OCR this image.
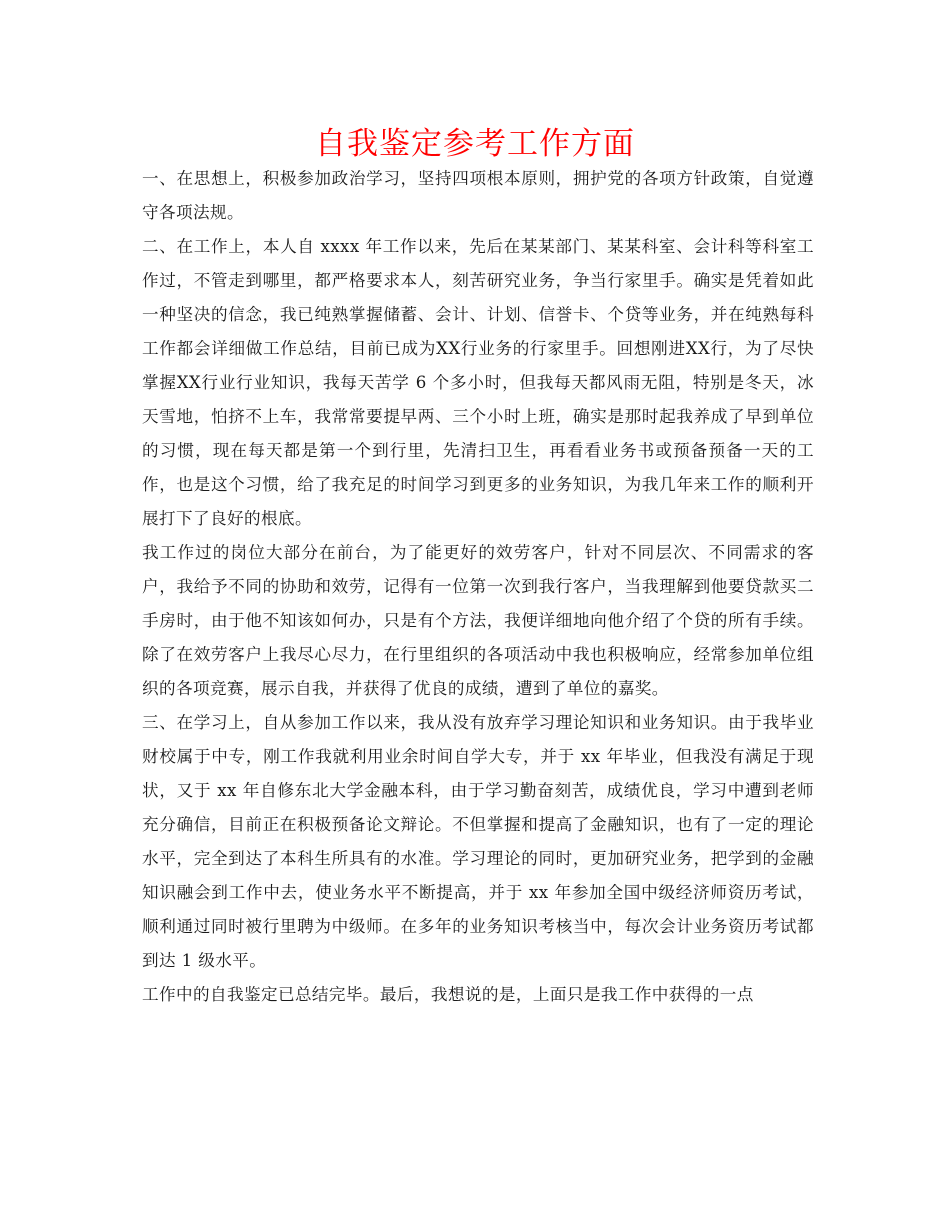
自我鉴定参考工作方面

一、在思想上，积极参加政治学习，坚持四项根本原则，拥护党的各项方针政策，自觉遵守各项法规。

二、在工作上，本人自 xxxx 年工作以来，先后在某某部门、某某科室、会计科等科室工作过，不管走到哪里，都严格要求本人，刻苦研究业务，争当行家里手。确实是凭着如此一种坚决的信念，我已纯熟掌握储蓄、会计、计划、信誉卡、个贷等业务，并在纯熟每科工作都会详细做工作总结，目前已成为XX行业务的行家里手。回想刚进XX行，为了尽快掌握XX行业行业知识，我每天苦学 6 个多小时，但我每天都风雨无阻，特别是冬天，冰天雪地，怕挤不上车，我常常要提早两、三个小时上班，确实是那时起我养成了早到单位的习惯，现在每天都是第一个到行里，先清扫卫生，再看看业务书或预备预备一天的工作，也是这个习惯，给了我充足的时间学习到更多的业务知识，为我几年来工作的顺利开展打下了良好的根底。

我工作过的岗位大部分在前台，为了能更好的效劳客户，针对不同层次、不同需求的客户，我给予不同的协助和效劳，记得有一位第一次到我行客户，当我理解到他要贷款买二手房时，由于他不知该如何办，只是有个方法，我便详细地向他介绍了个贷的所有手续。除了在效劳客户上我尽心尽力，在行里组织的各项活动中我也积极响应，经常参加单位组织的各项竞赛，展示自我，并获得了优良的成绩，遭到了单位的嘉奖。

三、在学习上，自从参加工作以来，我从没有放弃学习理论知识和业务知识。由于我毕业财校属于中专，刚工作我就利用业余时间自学大专，并于 xx 年毕业，但我没有满足于现状，又于 xx 年自修东北大学金融本科，由于学习勤奋刻苦，成绩优良，学习中遭到老师充分确信，目前正在积极预备论文辩论。不但掌握和提高了金融知识，也有了一定的理论水平，完全到达了本科生所具有的水准。学习理论的同时，更加研究业务，把学到的金融知识融会到工作中去，使业务水平不断提高，并于 xx 年参加全国中级经济师资历考试，顺利通过同时被行里聘为中级师。在多年的业务知识考核当中，每次会计业务资历考试都到达 1 级水平。

工作中的自我鉴定已总结完毕。最后，我想说的是，上面只是我工作中获得的一点
